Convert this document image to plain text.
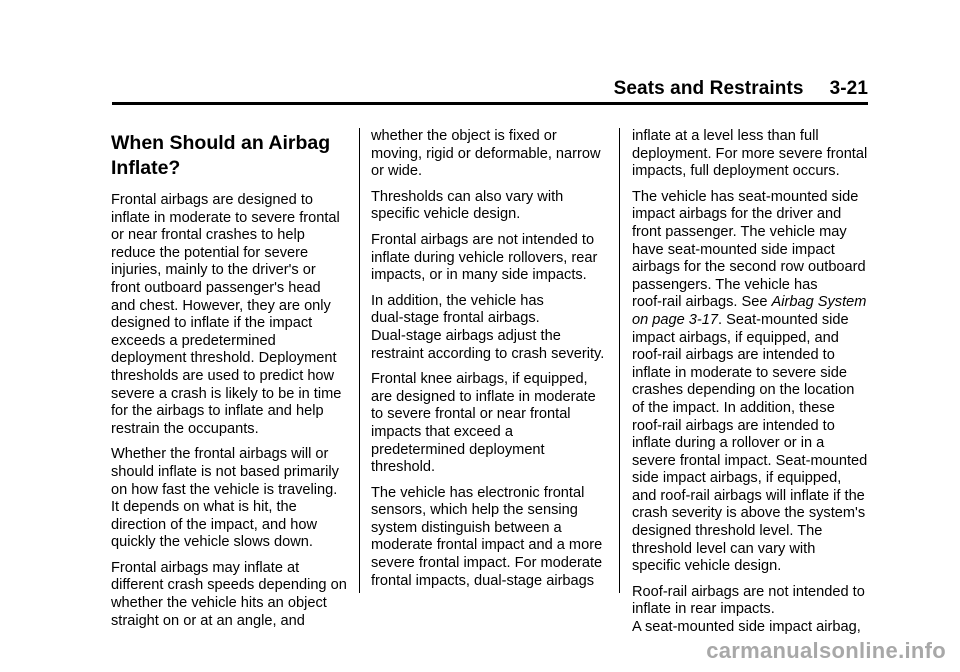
Seats and Restraints 3-21
When Should an Airbag
Inflate?
Frontal airbags are designed to
inflate in moderate to severe frontal
or near frontal crashes to help
reduce the potential for severe
injuries, mainly to the driver's or
front outboard passenger's head
and chest. However, they are only
designed to inflate if the impact
exceeds a predetermined
deployment threshold. Deployment
thresholds are used to predict how
severe a crash is likely to be in time
for the airbags to inflate and help
restrain the occupants.
Whether the frontal airbags will or
should inflate is not based primarily
on how fast the vehicle is traveling.
It depends on what is hit, the
direction of the impact, and how
quickly the vehicle slows down.
Frontal airbags may inflate at
different crash speeds depending on
whether the vehicle hits an object
straight on or at an angle, and
whether the object is fixed or
moving, rigid or deformable, narrow
or wide.
Thresholds can also vary with
specific vehicle design.
Frontal airbags are not intended to
inflate during vehicle rollovers, rear
impacts, or in many side impacts.
In addition, the vehicle has
dual-stage frontal airbags.
Dual-stage airbags adjust the
restraint according to crash severity.
Frontal knee airbags, if equipped,
are designed to inflate in moderate
to severe frontal or near frontal
impacts that exceed a
predetermined deployment
threshold.
The vehicle has electronic frontal
sensors, which help the sensing
system distinguish between a
moderate frontal impact and a more
severe frontal impact. For moderate
frontal impacts, dual-stage airbags
inflate at a level less than full
deployment. For more severe frontal
impacts, full deployment occurs.
The vehicle has seat-mounted side
impact airbags for the driver and
front passenger. The vehicle may
have seat-mounted side impact
airbags for the second row outboard
passengers. The vehicle has
roof-rail airbags. See Airbag System
on page 3-17. Seat-mounted side
impact airbags, if equipped, and
roof-rail airbags are intended to
inflate in moderate to severe side
crashes depending on the location
of the impact. In addition, these
roof-rail airbags are intended to
inflate during a rollover or in a
severe frontal impact. Seat-mounted
side impact airbags, if equipped,
and roof-rail airbags will inflate if the
crash severity is above the system's
designed threshold level. The
threshold level can vary with
specific vehicle design.
Roof-rail airbags are not intended to
inflate in rear impacts.
A seat-mounted side impact airbag,
carmanualsonline.info
